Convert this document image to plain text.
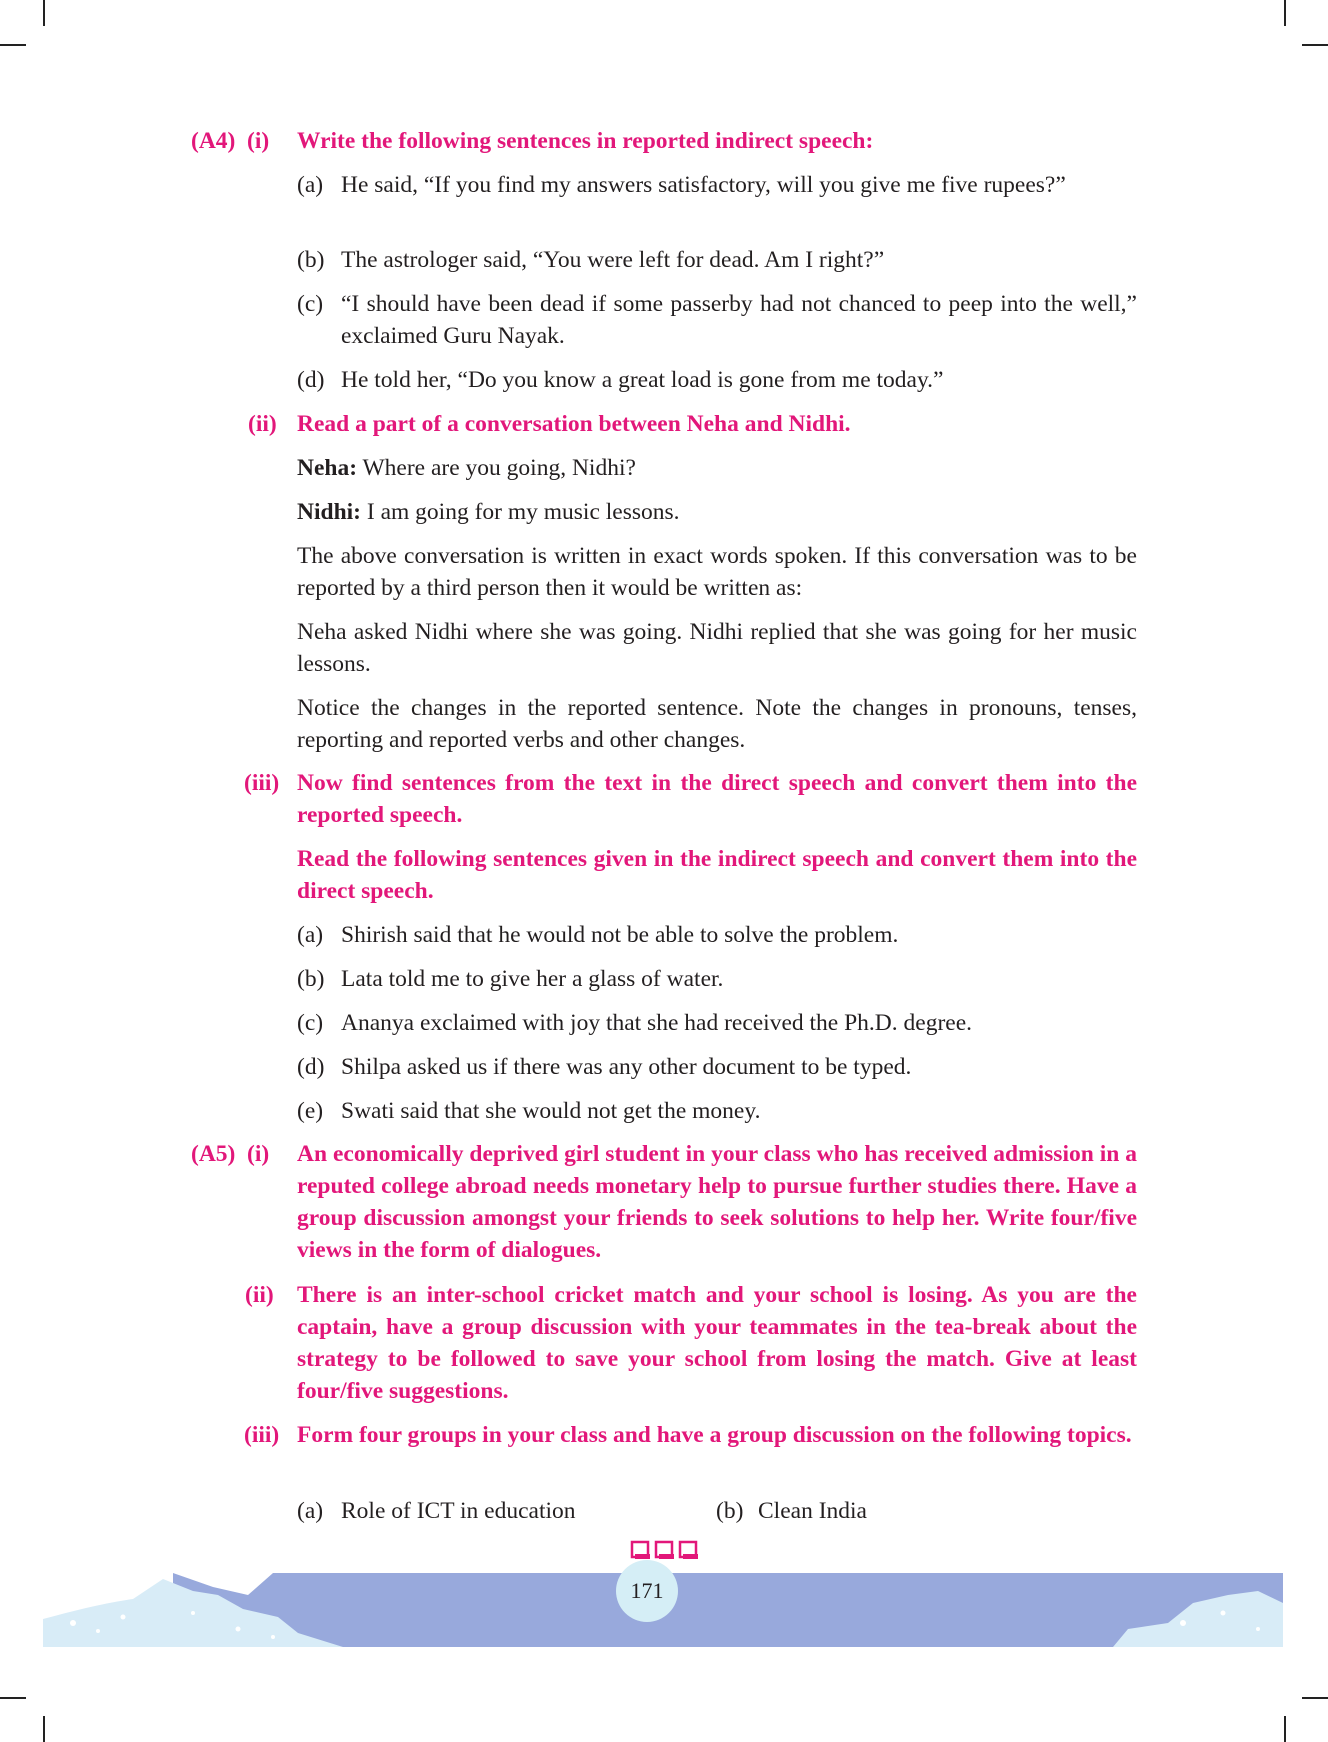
(A4) (i) Write the following sentences in reported indirect speech:
(a) He said, “If you find my answers satisfactory, will you give me five rupees?”
(b) The astrologer said, “You were left for dead. Am I right?”
(c) “I should have been dead if some passerby had not chanced to peep into the well,” exclaimed Guru Nayak.
(d) He told her, “Do you know a great load is gone from me today.”
(ii) Read a part of a conversation between Neha and Nidhi.
Neha: Where are you going, Nidhi?
Nidhi: I am going for my music lessons.
The above conversation is written in exact words spoken. If this conversation was to be reported by a third person then it would be written as:
Neha asked Nidhi where she was going. Nidhi replied that she was going for her music lessons.
Notice the changes in the reported sentence. Note the changes in pronouns, tenses, reporting and reported verbs and other changes.
(iii) Now find sentences from the text in the direct speech and convert them into the reported speech.
Read the following sentences given in the indirect speech and convert them into the direct speech.
(a) Shirish said that he would not be able to solve the problem.
(b) Lata told me to give her a glass of water.
(c) Ananya exclaimed with joy that she had received the Ph.D. degree.
(d) Shilpa asked us if there was any other document to be typed.
(e) Swati said that she would not get the money.
(A5) (i) An economically deprived girl student in your class who has received admission in a reputed college abroad needs monetary help to pursue further studies there. Have a group discussion amongst your friends to seek solutions to help her. Write four/five views in the form of dialogues.
(ii) There is an inter-school cricket match and your school is losing. As you are the captain, have a group discussion with your teammates in the tea-break about the strategy to be followed to save your school from losing the match. Give at least four/five suggestions.
(iii) Form four groups in your class and have a group discussion on the following topics.
(a) Role of ICT in education	(b) Clean India
171
